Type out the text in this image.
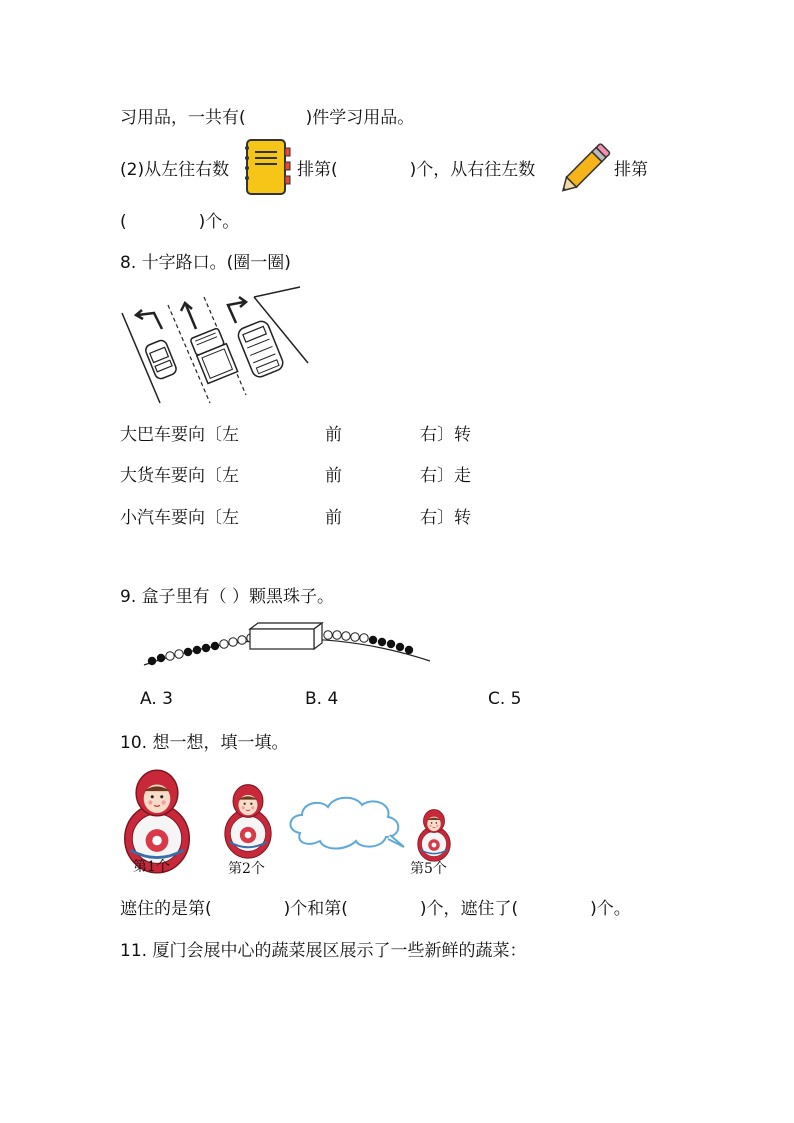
习用品，一共有(	)件学习用品。
(2)从左往右数	排第(	)个，从右往左数	排第
(	)个。
8. 十字路口。(圈一圈)
大巴车要向〔左	前	右〕转
大货车要向〔左	前	右〕走
小汽车要向〔左	前	右〕转
9. 盒子里有（ ）颗黑珠子。
A. 3	B. 4	C. 5
10. 想一想，填一填。
第1个	第2个	第5个
遮住的是第(	)个和第(	)个，遮住了(	)个。
11. 厦门会展中心的蔬菜展区展示了一些新鲜的蔬菜：
